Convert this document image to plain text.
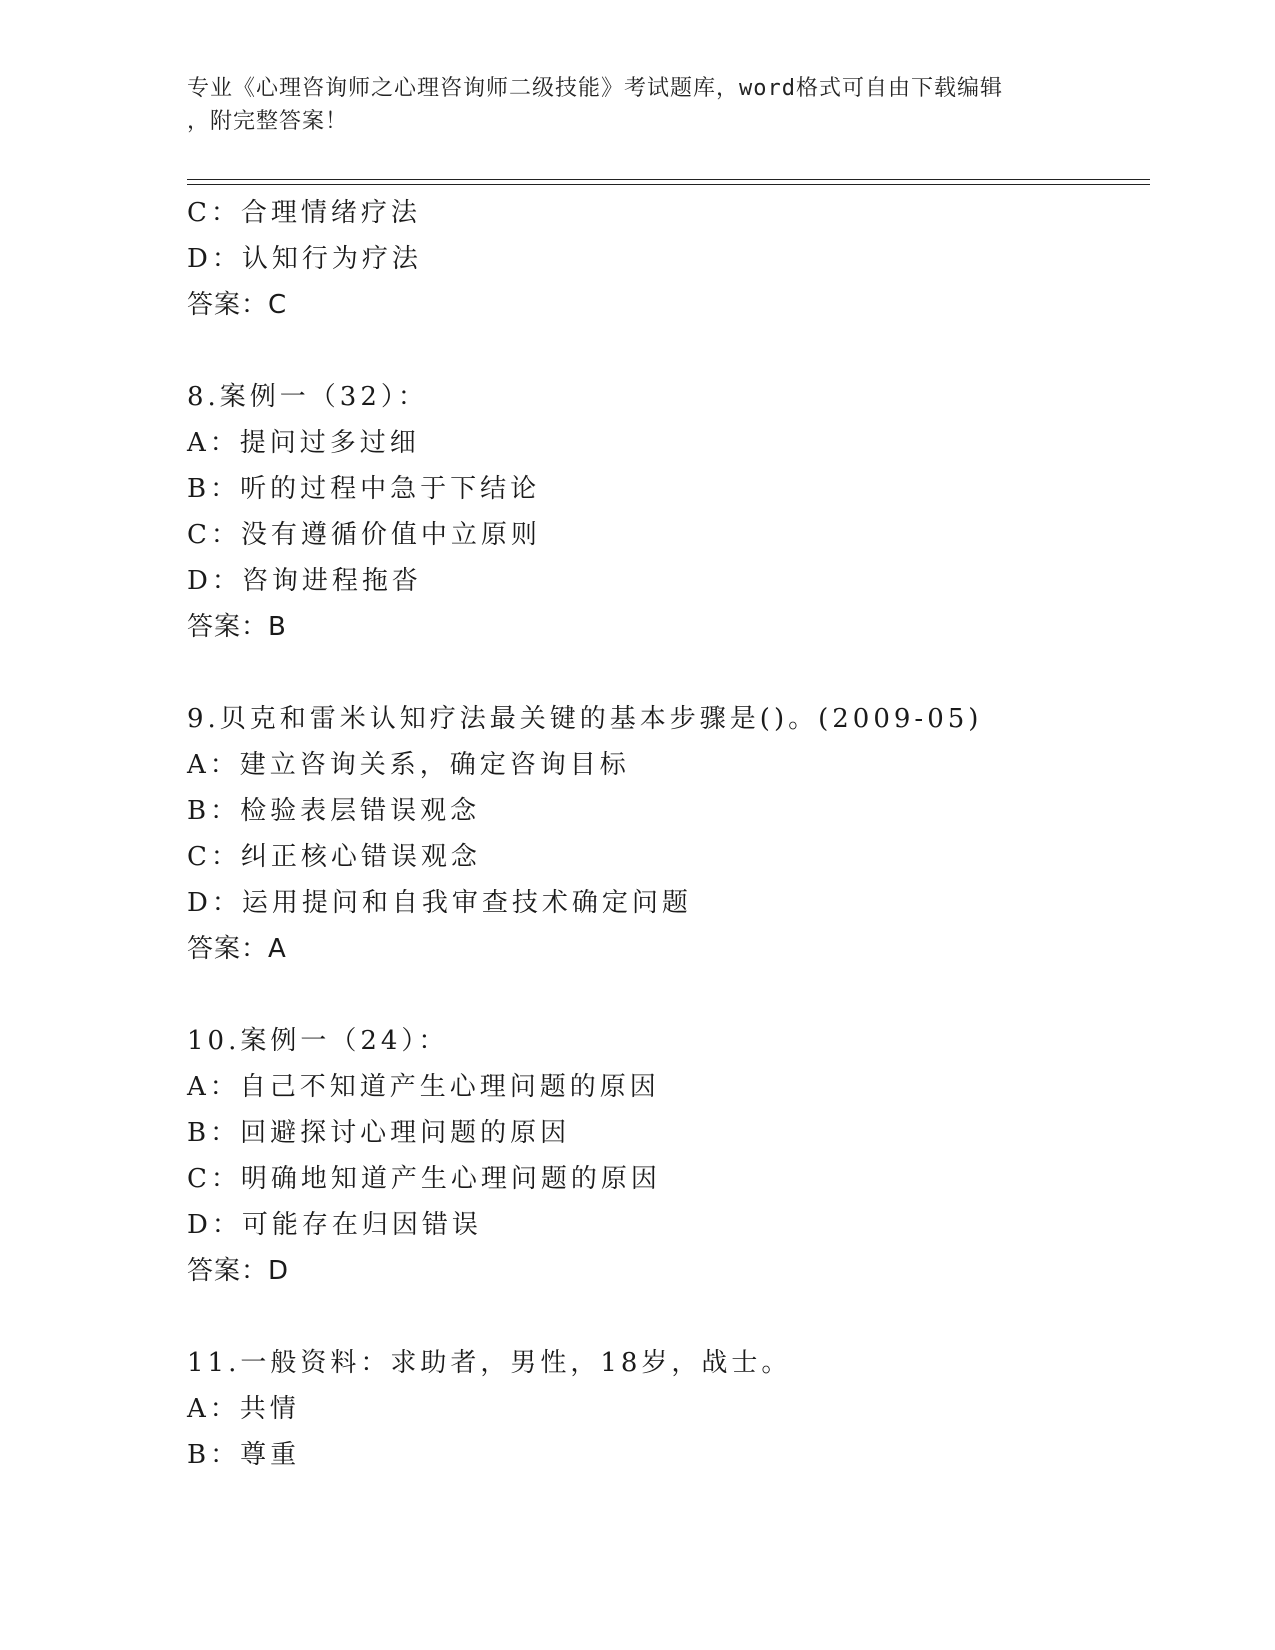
专业《心理咨询师之心理咨询师二级技能》考试题库，word格式可自由下载编辑
，附完整答案！
C：合理情绪疗法
D：认知行为疗法
答案：C
8.案例一（32）：
A：提问过多过细
B：听的过程中急于下结论
C：没有遵循价值中立原则
D：咨询进程拖沓
答案：B
9.贝克和雷米认知疗法最关键的基本步骤是()。(2009-05)
A：建立咨询关系，确定咨询目标
B：检验表层错误观念
C：纠正核心错误观念
D：运用提问和自我审查技术确定问题
答案：A
10.案例一（24）：
A：自己不知道产生心理问题的原因
B：回避探讨心理问题的原因
C：明确地知道产生心理问题的原因
D：可能存在归因错误
答案：D
11.一般资料：求助者，男性，18岁，战士。
A：共情
B：尊重
